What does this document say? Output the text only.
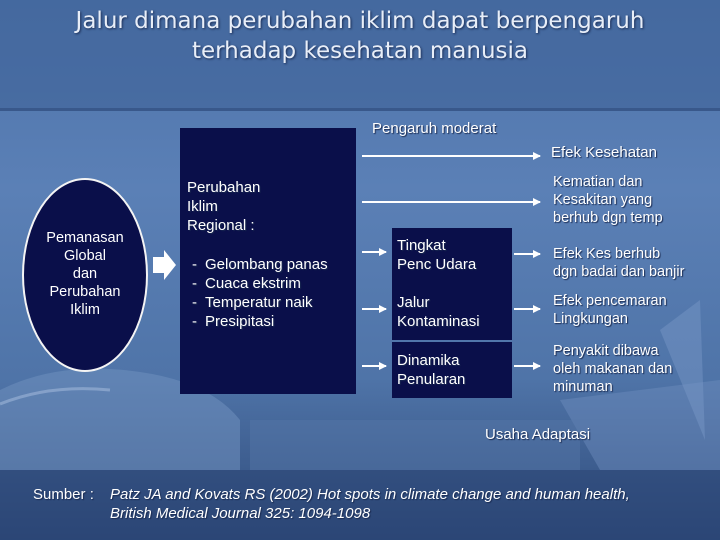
Jalur dimana perubahan iklim dapat berpengaruh
terhadap kesehatan manusia
Pengaruh moderat
Efek Kesehatan
Pemanasan
Global
dan
Perubahan
Iklim
Perubahan
Iklim
Regional :
- Gelombang panas
- Cuaca ekstrim
- Temperatur naik
- Presipitasi
Tingkat
Penc Udara
Jalur
Kontaminasi
Dinamika
Penularan
Kematian dan
Kesakitan yang
berhub dgn temp
Efek Kes berhub
dgn badai dan banjir
Efek pencemaran
Lingkungan
Penyakit dibawa
oleh makanan dan
minuman
Usaha Adaptasi
Sumber :	Patz JA and Kovats RS (2002) Hot spots in climate change and human health,
British Medical Journal 325: 1094-1098
